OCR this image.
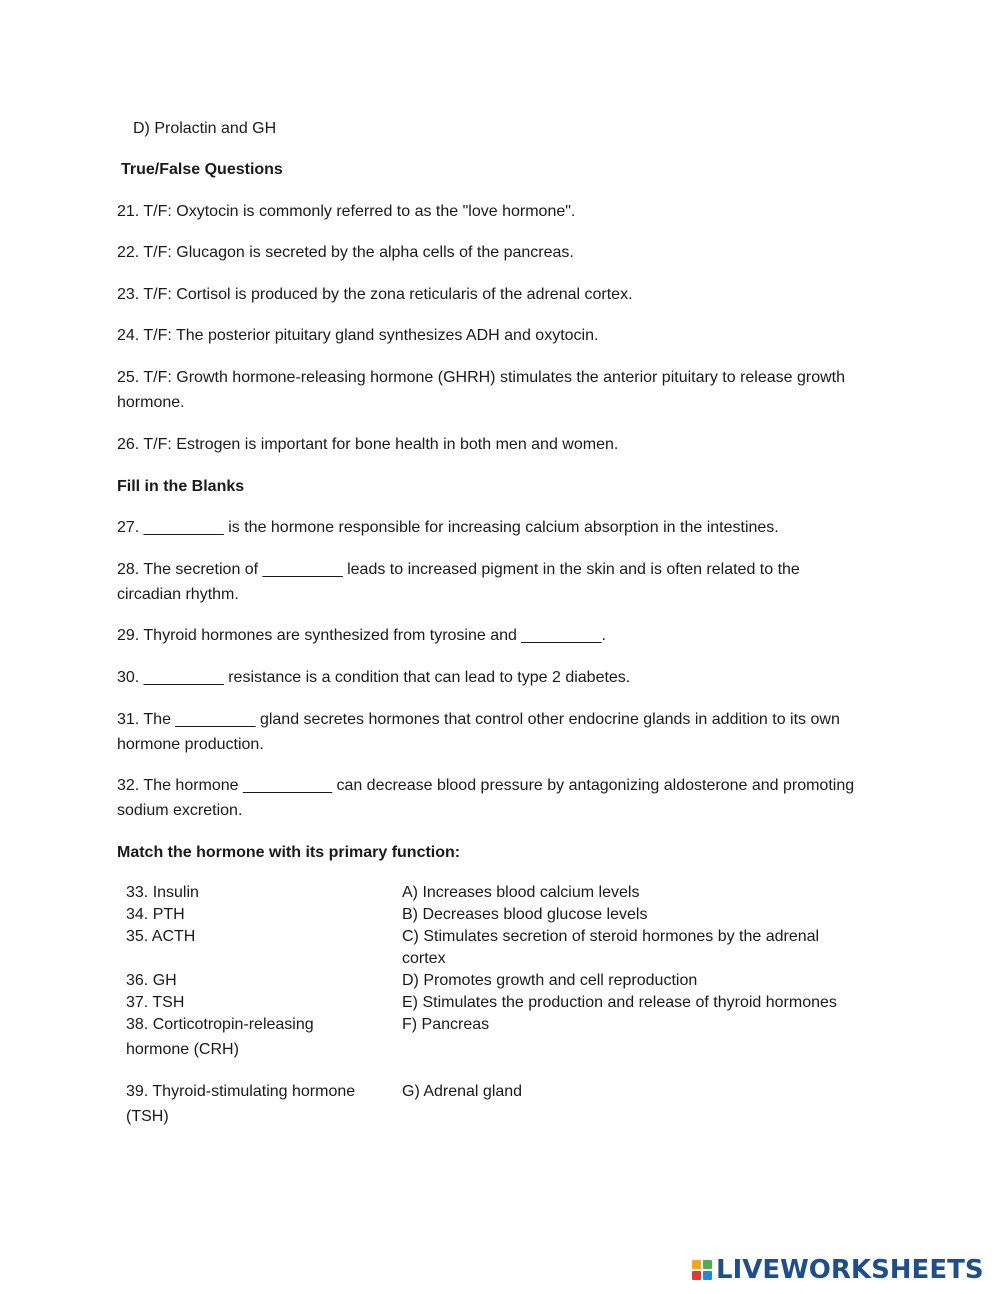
D) Prolactin and GH
True/False Questions
21. T/F: Oxytocin is commonly referred to as the "love hormone".
22. T/F: Glucagon is secreted by the alpha cells of the pancreas.
23. T/F: Cortisol is produced by the zona reticularis of the adrenal cortex.
24. T/F: The posterior pituitary gland synthesizes ADH and oxytocin.
25. T/F: Growth hormone-releasing hormone (GHRH) stimulates the anterior pituitary to release growth
hormone.
26. T/F: Estrogen is important for bone health in both men and women.
Fill in the Blanks
27. _________ is the hormone responsible for increasing calcium absorption in the intestines.
28. The secretion of _________ leads to increased pigment in the skin and is often related to the
circadian rhythm.
29. Thyroid hormones are synthesized from tyrosine and _________.
30. _________ resistance is a condition that can lead to type 2 diabetes.
31. The _________ gland secretes hormones that control other endocrine glands in addition to its own
hormone production.
32. The hormone __________ can decrease blood pressure by antagonizing aldosterone and promoting
sodium excretion.
Match the hormone with its primary function:
33. Insulin
34. PTH
35. ACTH
36. GH
37. TSH
38. Corticotropin-releasing
hormone (CRH)
39. Thyroid-stimulating hormone
(TSH)
A) Increases blood calcium levels
B) Decreases blood glucose levels
C) Stimulates secretion of steroid hormones by the adrenal
cortex
D) Promotes growth and cell reproduction
E) Stimulates the production and release of thyroid hormones
F) Pancreas
G) Adrenal gland
LIVEWORKSHEETS
